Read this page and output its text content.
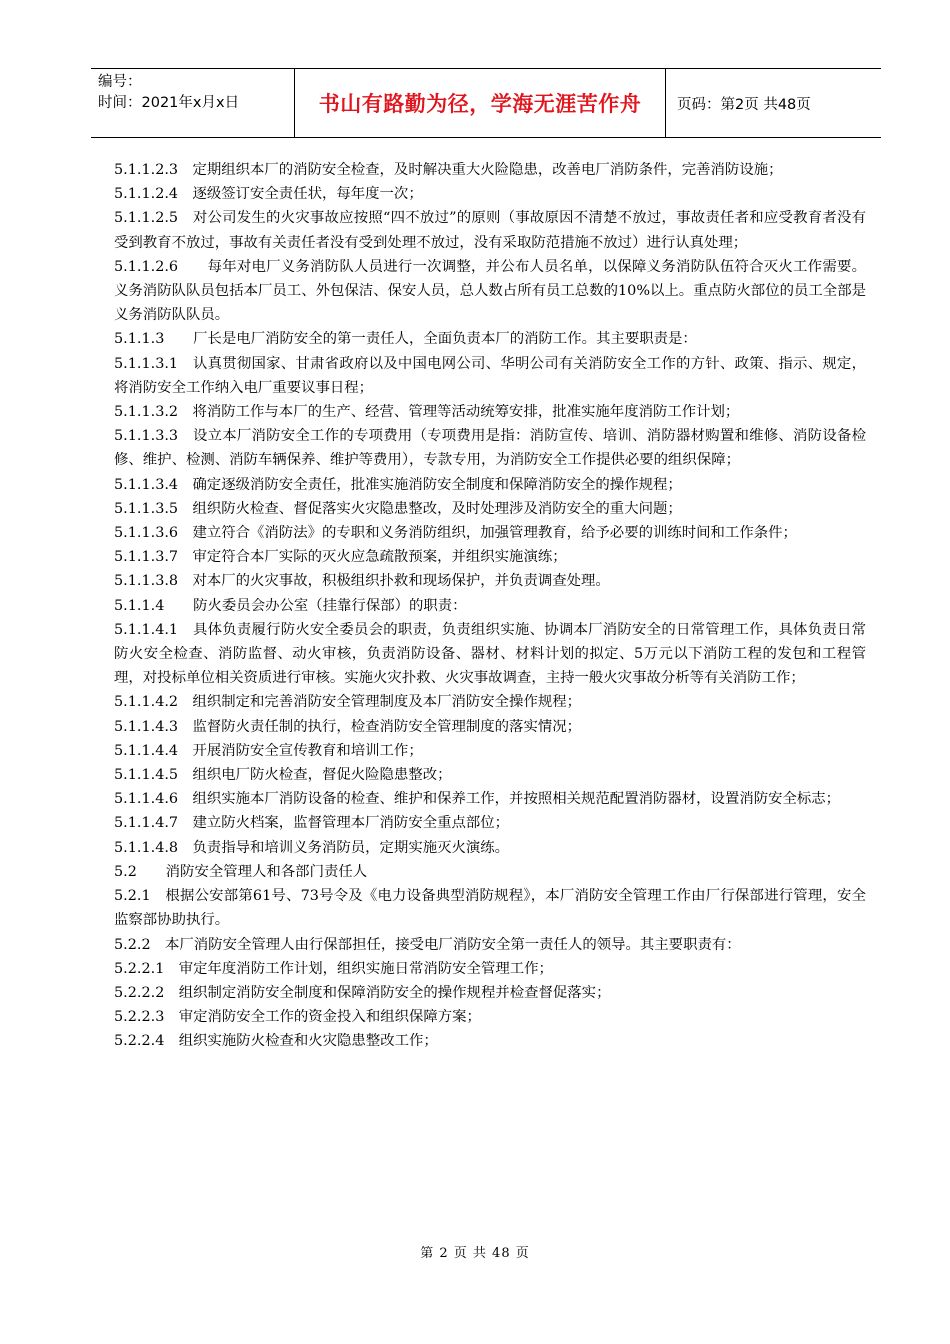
编号：
时间：2021年x月x日	书山有路勤为径，学海无涯苦作舟	页码：第2页 共48页

5.1.1.2.3　定期组织本厂的消防安全检查，及时解决重大火险隐患，改善电厂消防条件，完善消防设施；

5.1.1.2.4　逐级签订安全责任状，每年度一次；

5.1.1.2.5　对公司发生的火灾事故应按照“四不放过”的原则（事故原因不清楚不放过，事故责任者和应受教育者没有受到教育不放过，事故有关责任者没有受到处理不放过，没有采取防范措施不放过）进行认真处理；

5.1.1.2.6　　每年对电厂义务消防队人员进行一次调整，并公布人员名单，以保障义务消防队伍符合灭火工作需要。义务消防队队员包括本厂员工、外包保洁、保安人员，总人数占所有员工总数的10%以上。重点防火部位的员工全部是义务消防队队员。

5.1.1.3　　厂长是电厂消防安全的第一责任人，全面负责本厂的消防工作。其主要职责是：

5.1.1.3.1　认真贯彻国家、甘肃省政府以及中国电网公司、华明公司有关消防安全工作的方针、政策、指示、规定，将消防安全工作纳入电厂重要议事日程；

5.1.1.3.2　将消防工作与本厂的生产、经营、管理等活动统筹安排，批准实施年度消防工作计划；

5.1.1.3.3　设立本厂消防安全工作的专项费用（专项费用是指：消防宣传、培训、消防器材购置和维修、消防设备检修、维护、检测、消防车辆保养、维护等费用），专款专用，为消防安全工作提供必要的组织保障；

5.1.1.3.4　确定逐级消防安全责任，批准实施消防安全制度和保障消防安全的操作规程；

5.1.1.3.5　组织防火检查、督促落实火灾隐患整改，及时处理涉及消防安全的重大问题；

5.1.1.3.6　建立符合《消防法》的专职和义务消防组织，加强管理教育，给予必要的训练时间和工作条件；

5.1.1.3.7　审定符合本厂实际的灭火应急疏散预案，并组织实施演练；

5.1.1.3.8　对本厂的火灾事故，积极组织扑救和现场保护，并负责调查处理。

5.1.1.4　　防火委员会办公室（挂靠行保部）的职责：

5.1.1.4.1　具体负责履行防火安全委员会的职责，负责组织实施、协调本厂消防安全的日常管理工作，具体负责日常防火安全检查、消防监督、动火审核，负责消防设备、器材、材料计划的拟定、5万元以下消防工程的发包和工程管理，对投标单位相关资质进行审核。实施火灾扑救、火灾事故调查，主持一般火灾事故分析等有关消防工作；

5.1.1.4.2　组织制定和完善消防安全管理制度及本厂消防安全操作规程；

5.1.1.4.3　监督防火责任制的执行，检查消防安全管理制度的落实情况；

5.1.1.4.4　开展消防安全宣传教育和培训工作；

5.1.1.4.5　组织电厂防火检查，督促火险隐患整改；

5.1.1.4.6　组织实施本厂消防设备的检查、维护和保养工作，并按照相关规范配置消防器材，设置消防安全标志；

5.1.1.4.7　建立防火档案，监督管理本厂消防安全重点部位；

5.1.1.4.8　负责指导和培训义务消防员，定期实施灭火演练。

5.2　　消防安全管理人和各部门责任人

5.2.1　根据公安部第61号、73号令及《电力设备典型消防规程》，本厂消防安全管理工作由厂行保部进行管理，安全监察部协助执行。

5.2.2　本厂消防安全管理人由行保部担任，接受电厂消防安全第一责任人的领导。其主要职责有：

5.2.2.1　审定年度消防工作计划，组织实施日常消防安全管理工作；

5.2.2.2　组织制定消防安全制度和保障消防安全的操作规程并检查督促落实；

5.2.2.3　审定消防安全工作的资金投入和组织保障方案；

5.2.2.4　组织实施防火检查和火灾隐患整改工作；

第 2 页 共 48 页
